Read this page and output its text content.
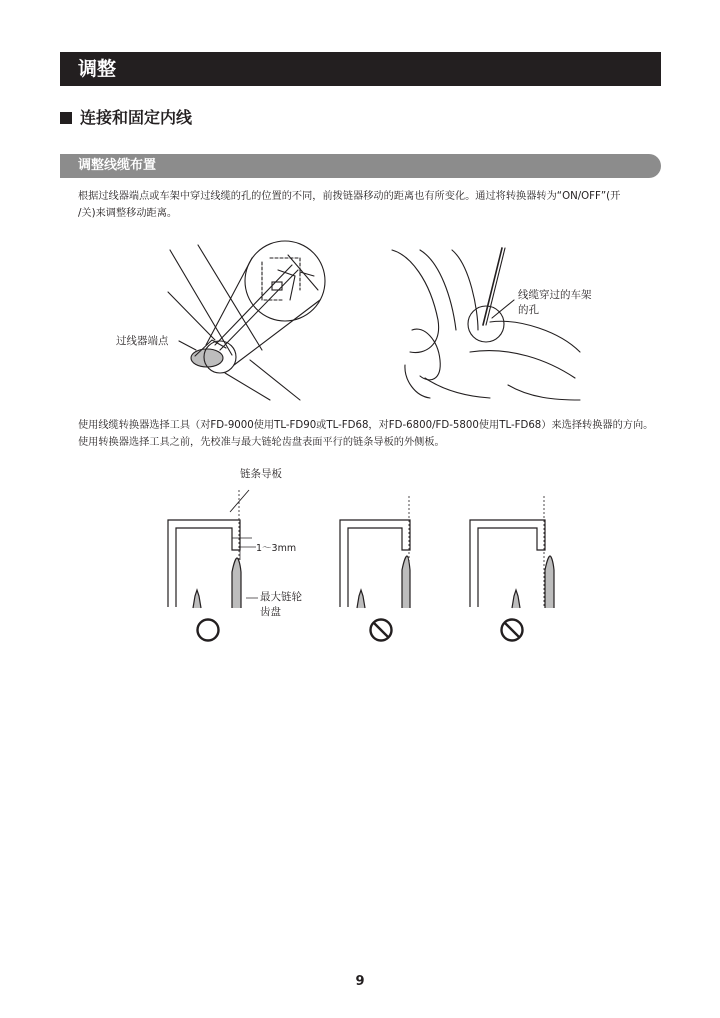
调整
连接和固定内线
调整线缆布置
根据过线器端点或车架中穿过线缆的孔的位置的不同，前拨链器移动的距离也有所变化。通过将转换器转为“ON/OFF”(开
/关)来调整移动距离。
过线器端点
线缆穿过的车架
的孔
使用线缆转换器选择工具（对FD-9000使用TL-FD90或TL-FD68，对FD-6800/FD-5800使用TL-FD68）来选择转换器的方向。
使用转换器选择工具之前，先校准与最大链轮齿盘表面平行的链条导板的外侧板。
链条导板
1～3mm
最大链轮
齿盘
9
